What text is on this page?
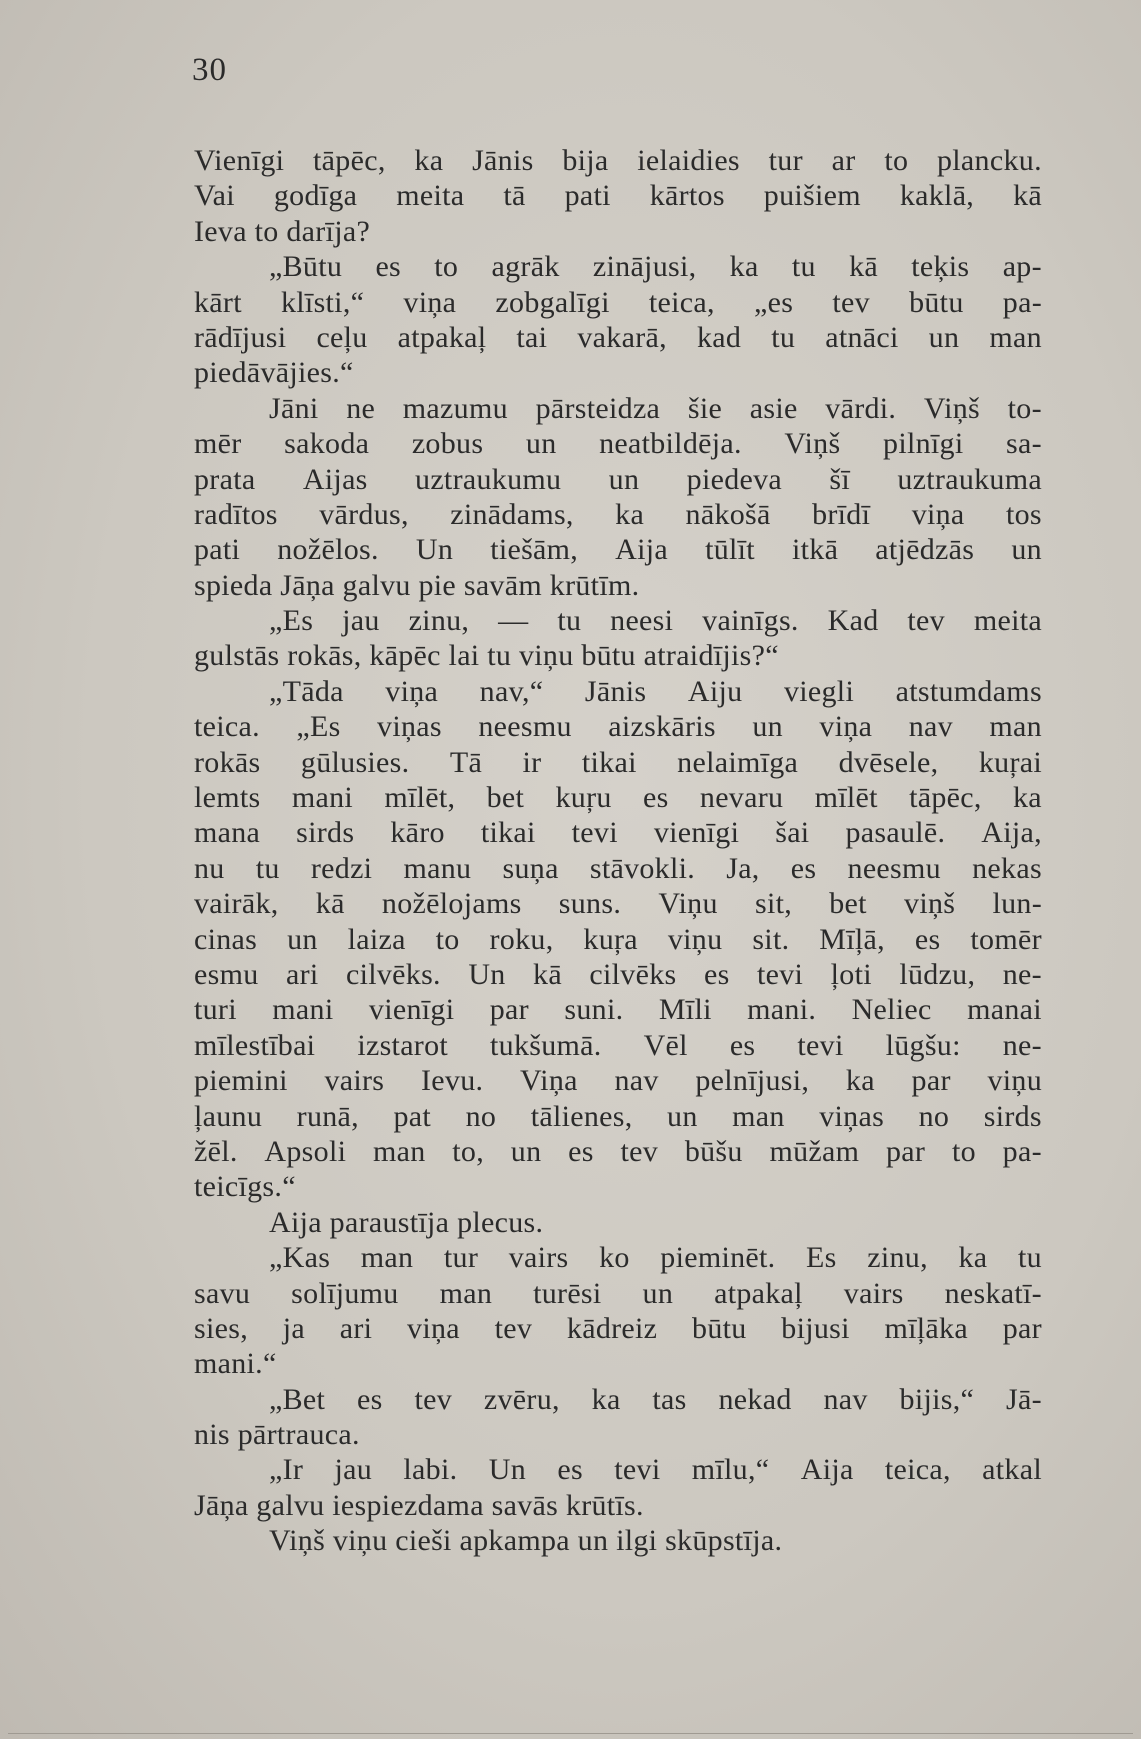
30
Vienīgi tāpēc, ka Jānis bija ielaidies tur ar to plancku.
Vai godīga meita tā pati kārtos puišiem kaklā, kā
Ieva to darīja?
„Būtu es to agrāk zinājusi, ka tu kā teķis ap-
kārt klīsti,“ viņa zobgalīgi teica, „es tev būtu pa-
rādījusi ceļu atpakaļ tai vakarā, kad tu atnāci un man
piedāvājies.“
Jāni ne mazumu pārsteidza šie asie vārdi. Viņš to-
mēr sakoda zobus un neatbildēja. Viņš pilnīgi sa-
prata Aijas uztraukumu un piedeva šī uztraukuma
radītos vārdus, zinādams, ka nākošā brīdī viņa tos
pati nožēlos. Un tiešām, Aija tūlīt itkā atjēdzās un
spieda Jāņa galvu pie savām krūtīm.
„Es jau zinu, — tu neesi vainīgs. Kad tev meita
gulstās rokās, kāpēc lai tu viņu būtu atraidījis?“
„Tāda viņa nav,“ Jānis Aiju viegli atstumdams
teica. „Es viņas neesmu aizskāris un viņa nav man
rokās gūlusies. Tā ir tikai nelaimīga dvēsele, kuŗai
lemts mani mīlēt, bet kuŗu es nevaru mīlēt tāpēc, ka
mana sirds kāro tikai tevi vienīgi šai pasaulē. Aija,
nu tu redzi manu suņa stāvokli. Ja, es neesmu nekas
vairāk, kā nožēlojams suns. Viņu sit, bet viņš lun-
cinas un laiza to roku, kuŗa viņu sit. Mīļā, es tomēr
esmu ari cilvēks. Un kā cilvēks es tevi ļoti lūdzu, ne-
turi mani vienīgi par suni. Mīli mani. Neliec manai
mīlestībai izstarot tukšumā. Vēl es tevi lūgšu: ne-
piemini vairs Ievu. Viņa nav pelnījusi, ka par viņu
ļaunu runā, pat no tālienes, un man viņas no sirds
žēl. Apsoli man to, un es tev būšu mūžam par to pa-
teicīgs.“
Aija paraustīja plecus.
„Kas man tur vairs ko pieminēt. Es zinu, ka tu
savu solījumu man turēsi un atpakaļ vairs neskatī-
sies, ja ari viņa tev kādreiz būtu bijusi mīļāka par
mani.“
„Bet es tev zvēru, ka tas nekad nav bijis,“ Jā-
nis pārtrauca.
„Ir jau labi. Un es tevi mīlu,“ Aija teica, atkal
Jāņa galvu iespiezdama savās krūtīs.
Viņš viņu cieši apkampa un ilgi skūpstīja.
